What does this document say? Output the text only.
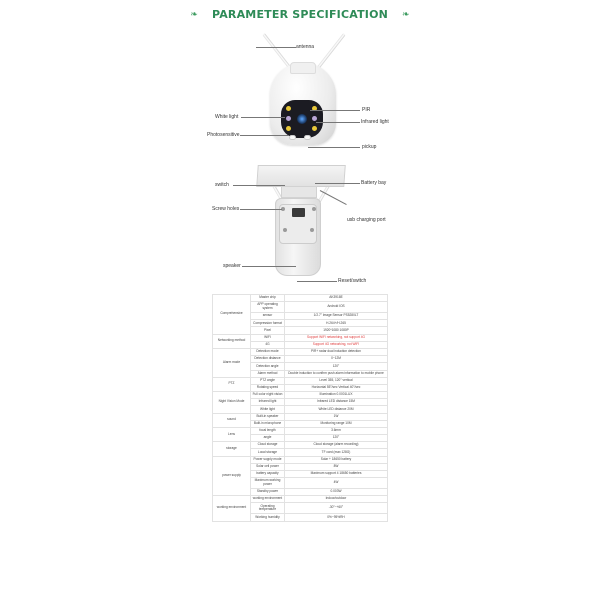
❧ PARAMETER SPECIFICATION ❧
antenna
White light
Photosensitive
PIR
Infrared light
pickup
switch
Screw holes
speaker
Battery bay
usb charging port
Reset/switch
Comprehensive	Master chip	AK3918E
	APP operating system	Android IOS
	sensor	1/2.7" Image Sensor PS5280LT
	Compression format	H.264+/H.265
	Pixel	1920*1080 1080P
Networking method	WIFI	Support WIFI networking, not support 4G
	4G	Support 4G networking, not WIFI
Alarm mode	Detection mode	PIR+ radar dual induction detection
	Detection distance	0~12M
	Detection angle	120°
	Alarm method	Double induction to confirm push alarm information to mobile phone
PTZ	PTZ angle	Level 355, 120° vertical
	Rotating speed	Horizontal 55°/sec Vertical 40°/sec
Night Vision Mode	Full color night vision	Illumination 0.0001LUX
	Infrared light	Infrared LED distance 15M
	White light	White LED distance 20M
sound	Built-in speaker	1W
	Built-in microphone	Monitoring range 10M
Lens	focal length	3.6mm
	angle	120°
storage	Cloud storage	Cloud storage (alarm recording)
	Local storage	TF card (max 128G)
power supply	Power supply mode	Solar + 18650 battery
	Solar cell power	8W
	battery capacity	Maximum support 4 18650 batteries
	Maximum working power	4W
	Standby power	0.003W
working environment	working environment	Indoor/outdoor
	Operating temperature	-30°~+60°
	Working humidity	0%~95%RH
